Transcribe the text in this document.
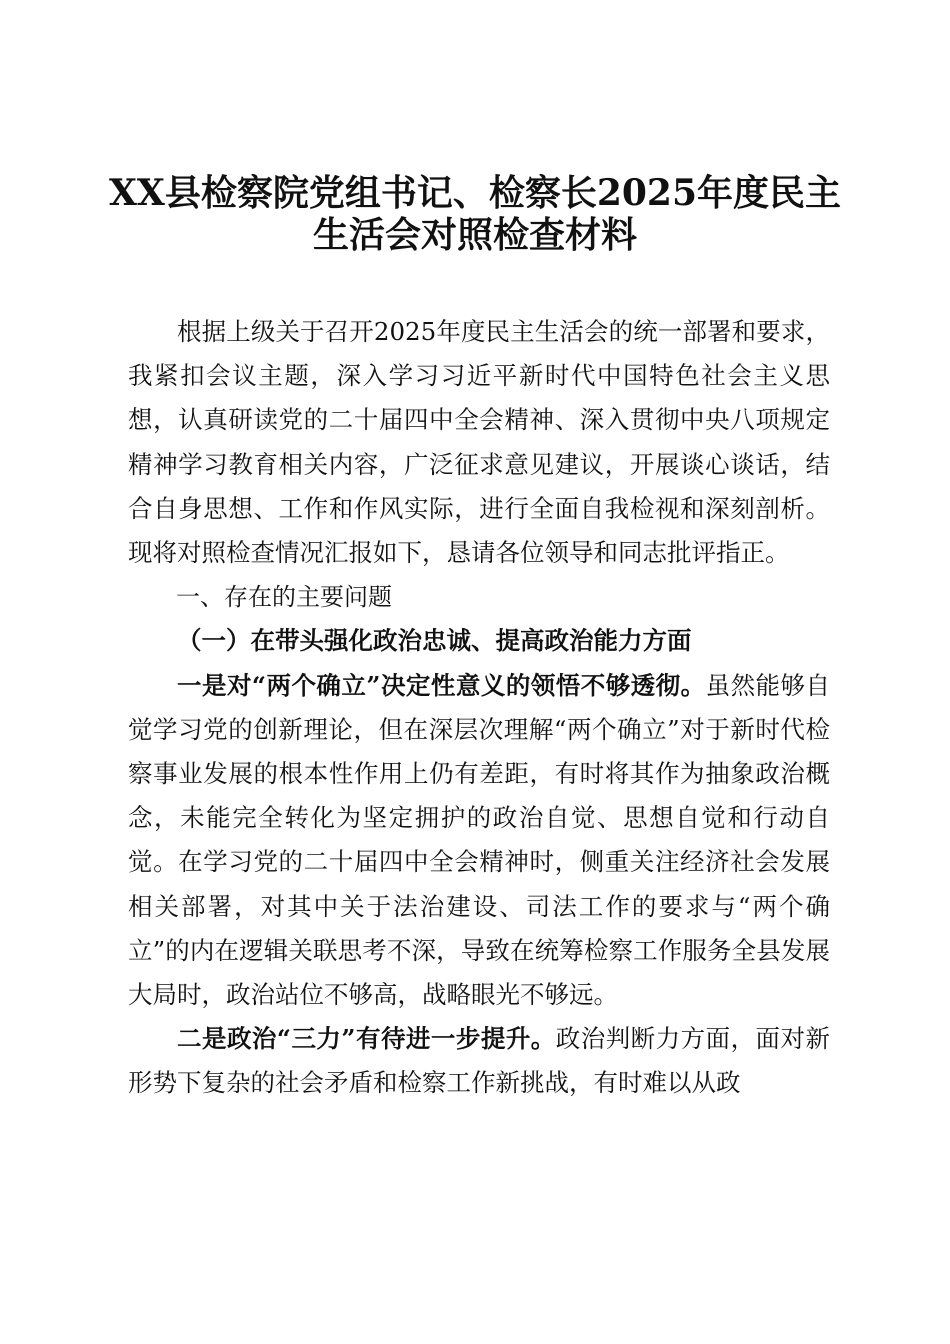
XX县检察院党组书记、检察长2025年度民主
生活会对照检查材料

根据上级关于召开2025年度民主生活会的统一部署和要求，我紧扣会议主题，深入学习习近平新时代中国特色社会主义思想，认真研读党的二十届四中全会精神、深入贯彻中央八项规定精神学习教育相关内容，广泛征求意见建议，开展谈心谈话，结合自身思想、工作和作风实际，进行全面自我检视和深刻剖析。现将对照检查情况汇报如下，恳请各位领导和同志批评指正。

一、存在的主要问题

（一）在带头强化政治忠诚、提高政治能力方面

一是对“两个确立”决定性意义的领悟不够透彻。虽然能够自觉学习党的创新理论，但在深层次理解“两个确立”对于新时代检察事业发展的根本性作用上仍有差距，有时将其作为抽象政治概念，未能完全转化为坚定拥护的政治自觉、思想自觉和行动自觉。在学习党的二十届四中全会精神时，侧重关注经济社会发展相关部署，对其中关于法治建设、司法工作的要求与“两个确立”的内在逻辑关联思考不深，导致在统筹检察工作服务全县发展大局时，政治站位不够高，战略眼光不够远。

二是政治“三力”有待进一步提升。政治判断力方面，面对新形势下复杂的社会矛盾和检察工作新挑战，有时难以从政
